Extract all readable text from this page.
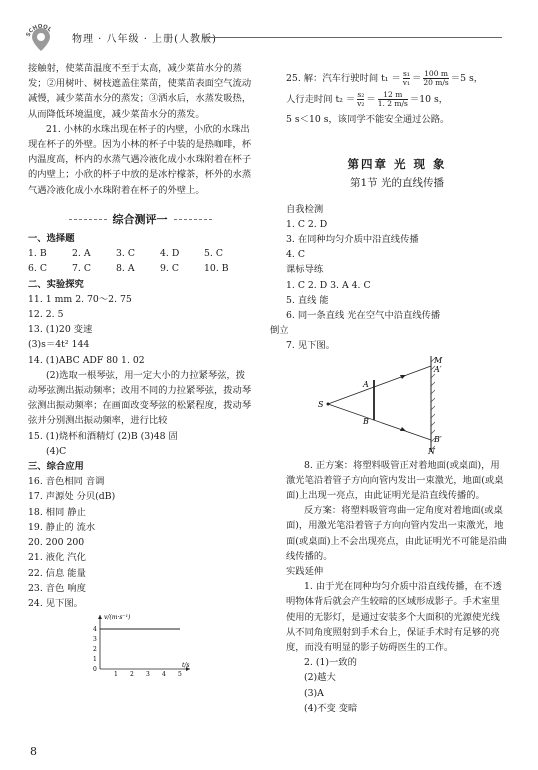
SCHOOL
物理 · 八年级 · 上册(人教版)

接触射，使菜苗温度不至于太高，减少菜苗水分的蒸发；②用树叶、树枝遮盖住菜苗，使菜苗表面空气流动减慢，减少菜苗水分的蒸发；③洒水后，水蒸发吸热，从而降低环境温度，减少菜苗水分的蒸发。

21. 小林的水珠出现在杯子的内壁，小欣的水珠出现在杯子的外壁。因为小林的杯子中装的是热咖啡，杯内温度高，杯内的水蒸气遇冷液化成小水珠附着在杯子的内壁上；小欣的杯子中放的是冰柠檬茶，杯外的水蒸气遇冷液化成小水珠附着在杯子的外壁上。

综合测评一

一、选择题

1. B	2. A	3. C	4. D	5. C
6. C	7. C	8. A	9. C	10. B

二、实验探究

11. 1 mm 2. 70～2. 75

12. 2. 5

13. (1)20 变速

(3)s＝4t² 144

14. (1)ABC ADF 80 1. 02

(2)选取一根琴弦，用一定大小的力拉紧琴弦，拨动琴弦测出振动频率；改用不同的力拉紧琴弦，拨动琴弦测出振动频率；在画面改变琴弦的松紧程度，拨动琴弦并分别测出振动频率，进行比较

15. (1)烧杯和酒精灯 (2)B (3)48 固

(4)C

三、综合应用

16. 音色相同 音调

17. 声源处 分贝(dB)

18. 相同 静止

19. 静止的 流水

20. 200 200

21. 液化 汽化

22. 信息 能量

23. 音色 响度

24. 见下图。

v/(m·s⁻¹)
t/s
4
3
2
1
0
1 2 3 4 5

25. 解：汽车行驶时间 $t_1 = \frac{\text{s₁}}{\text{v₁}} = \frac{100 m}{20 m/s} =5$ s，

人行走时间 $t_2 = \frac{\text{s₂}}{\text{v₂}} = \frac{12 m}{1. 2 m/s} =10$ s，

5 s＜10 s，该同学不能安全通过公路。

第四章 光 现 象
第1节 光的直线传播

自我检测

1. C 2. D

3. 在同种均匀介质中沿直线传播

4. C

课标导练

1. C 2. D 3. A 4. C

5. 直线 能

6. 同一条直线 光在空气中沿直线传播

倒立

7. 见下图。

S
A
B
M
A′
B′
N

8. 正方案：将塑料吸管正对着地面(或桌面)，用激光笔沿着管子方向向管内发出一束激光，地面(或桌面)上出现一亮点，由此证明光是沿直线传播的。

反方案：将塑料吸管弯曲一定角度对着地面(或桌面)，用激光笔沿着管子方向向管内发出一束激光，地面(或桌面)上不会出现亮点，由此证明光不可能是沿曲线传播的。

实践延伸

1. 由于光在同种均匀介质中沿直线传播，在不透明物体背后就会产生较暗的区域形成影子。手术室里使用的无影灯，是通过安装多个大面积的光源使光线从不同角度照射到手术台上，保证手术时有足够的亮度，而没有明显的影子妨碍医生的工作。

2. (1)一致的

(2)越大

(3)A

(4)不变 变暗

8
